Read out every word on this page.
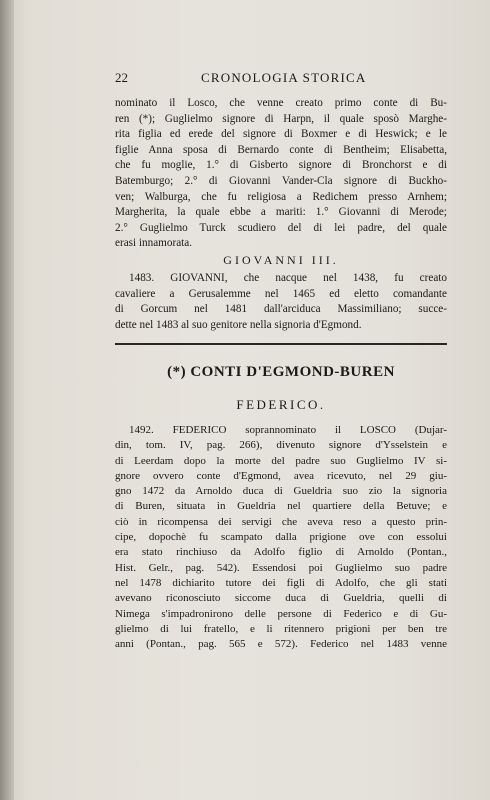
22	CRONOLOGIA STORICA
nominato il Losco, che venne creato primo conte di Bu-
ren (*); Guglielmo signore di Harpn, il quale sposò Marghe-
rita figlia ed erede del signore di Boxmer e di Heswick; e le
figlie Anna sposa di Bernardo conte di Bentheim; Elisabetta,
che fu moglie, 1.° di Gisberto signore di Bronchorst e di
Batemburgo; 2.° di Giovanni Vander-Cla signore di Buckho-
ven; Walburga, che fu religiosa a Redichem presso Arnhem;
Margherita, la quale ebbe a mariti: 1.° Giovanni di Merode;
2.° Guglielmo Turck scudiero del di lei padre, del quale
erasi innamorata.
GIOVANNI III.
1483. GIOVANNI, che nacque nel 1438, fu creato
cavaliere a Gerusalemme nel 1465 ed eletto comandante
di Gorcum nel 1481 dall'arciduca Massimiliano; succe-
dette nel 1483 al suo genitore nella signoria d'Egmond.
(*) CONTI D'EGMOND-BUREN
FEDERICO.
1492. FEDERICO soprannominato il LOSCO (Dujar-
din, tom. IV, pag. 266), divenuto signore d'Ysselstein e
di Leerdam dopo la morte del padre suo Guglielmo IV si-
gnore ovvero conte d'Egmond, avea ricevuto, nel 29 giu-
gno 1472 da Arnoldo duca di Gueldria suo zio la signoria
di Buren, situata in Gueldria nel quartiere della Betuve; e
ciò in ricompensa dei servigi che aveva reso a questo prin-
cipe, dopochè fu scampato dalla prigione ove con essolui
era stato rinchiuso da Adolfo figlio di Arnoldo (Pontan.,
Hist. Gelr., pag. 542). Essendosi poi Guglielmo suo padre
nel 1478 dichiarito tutore dei figli di Adolfo, che gli stati
avevano riconosciuto siccome duca di Gueldria, quelli di
Nimega s'impadronirono delle persone di Federico e di Gu-
glielmo di lui fratello, e li ritennero prigioni per ben tre
anni (Pontan., pag. 565 e 572). Federico nel 1483 venne
